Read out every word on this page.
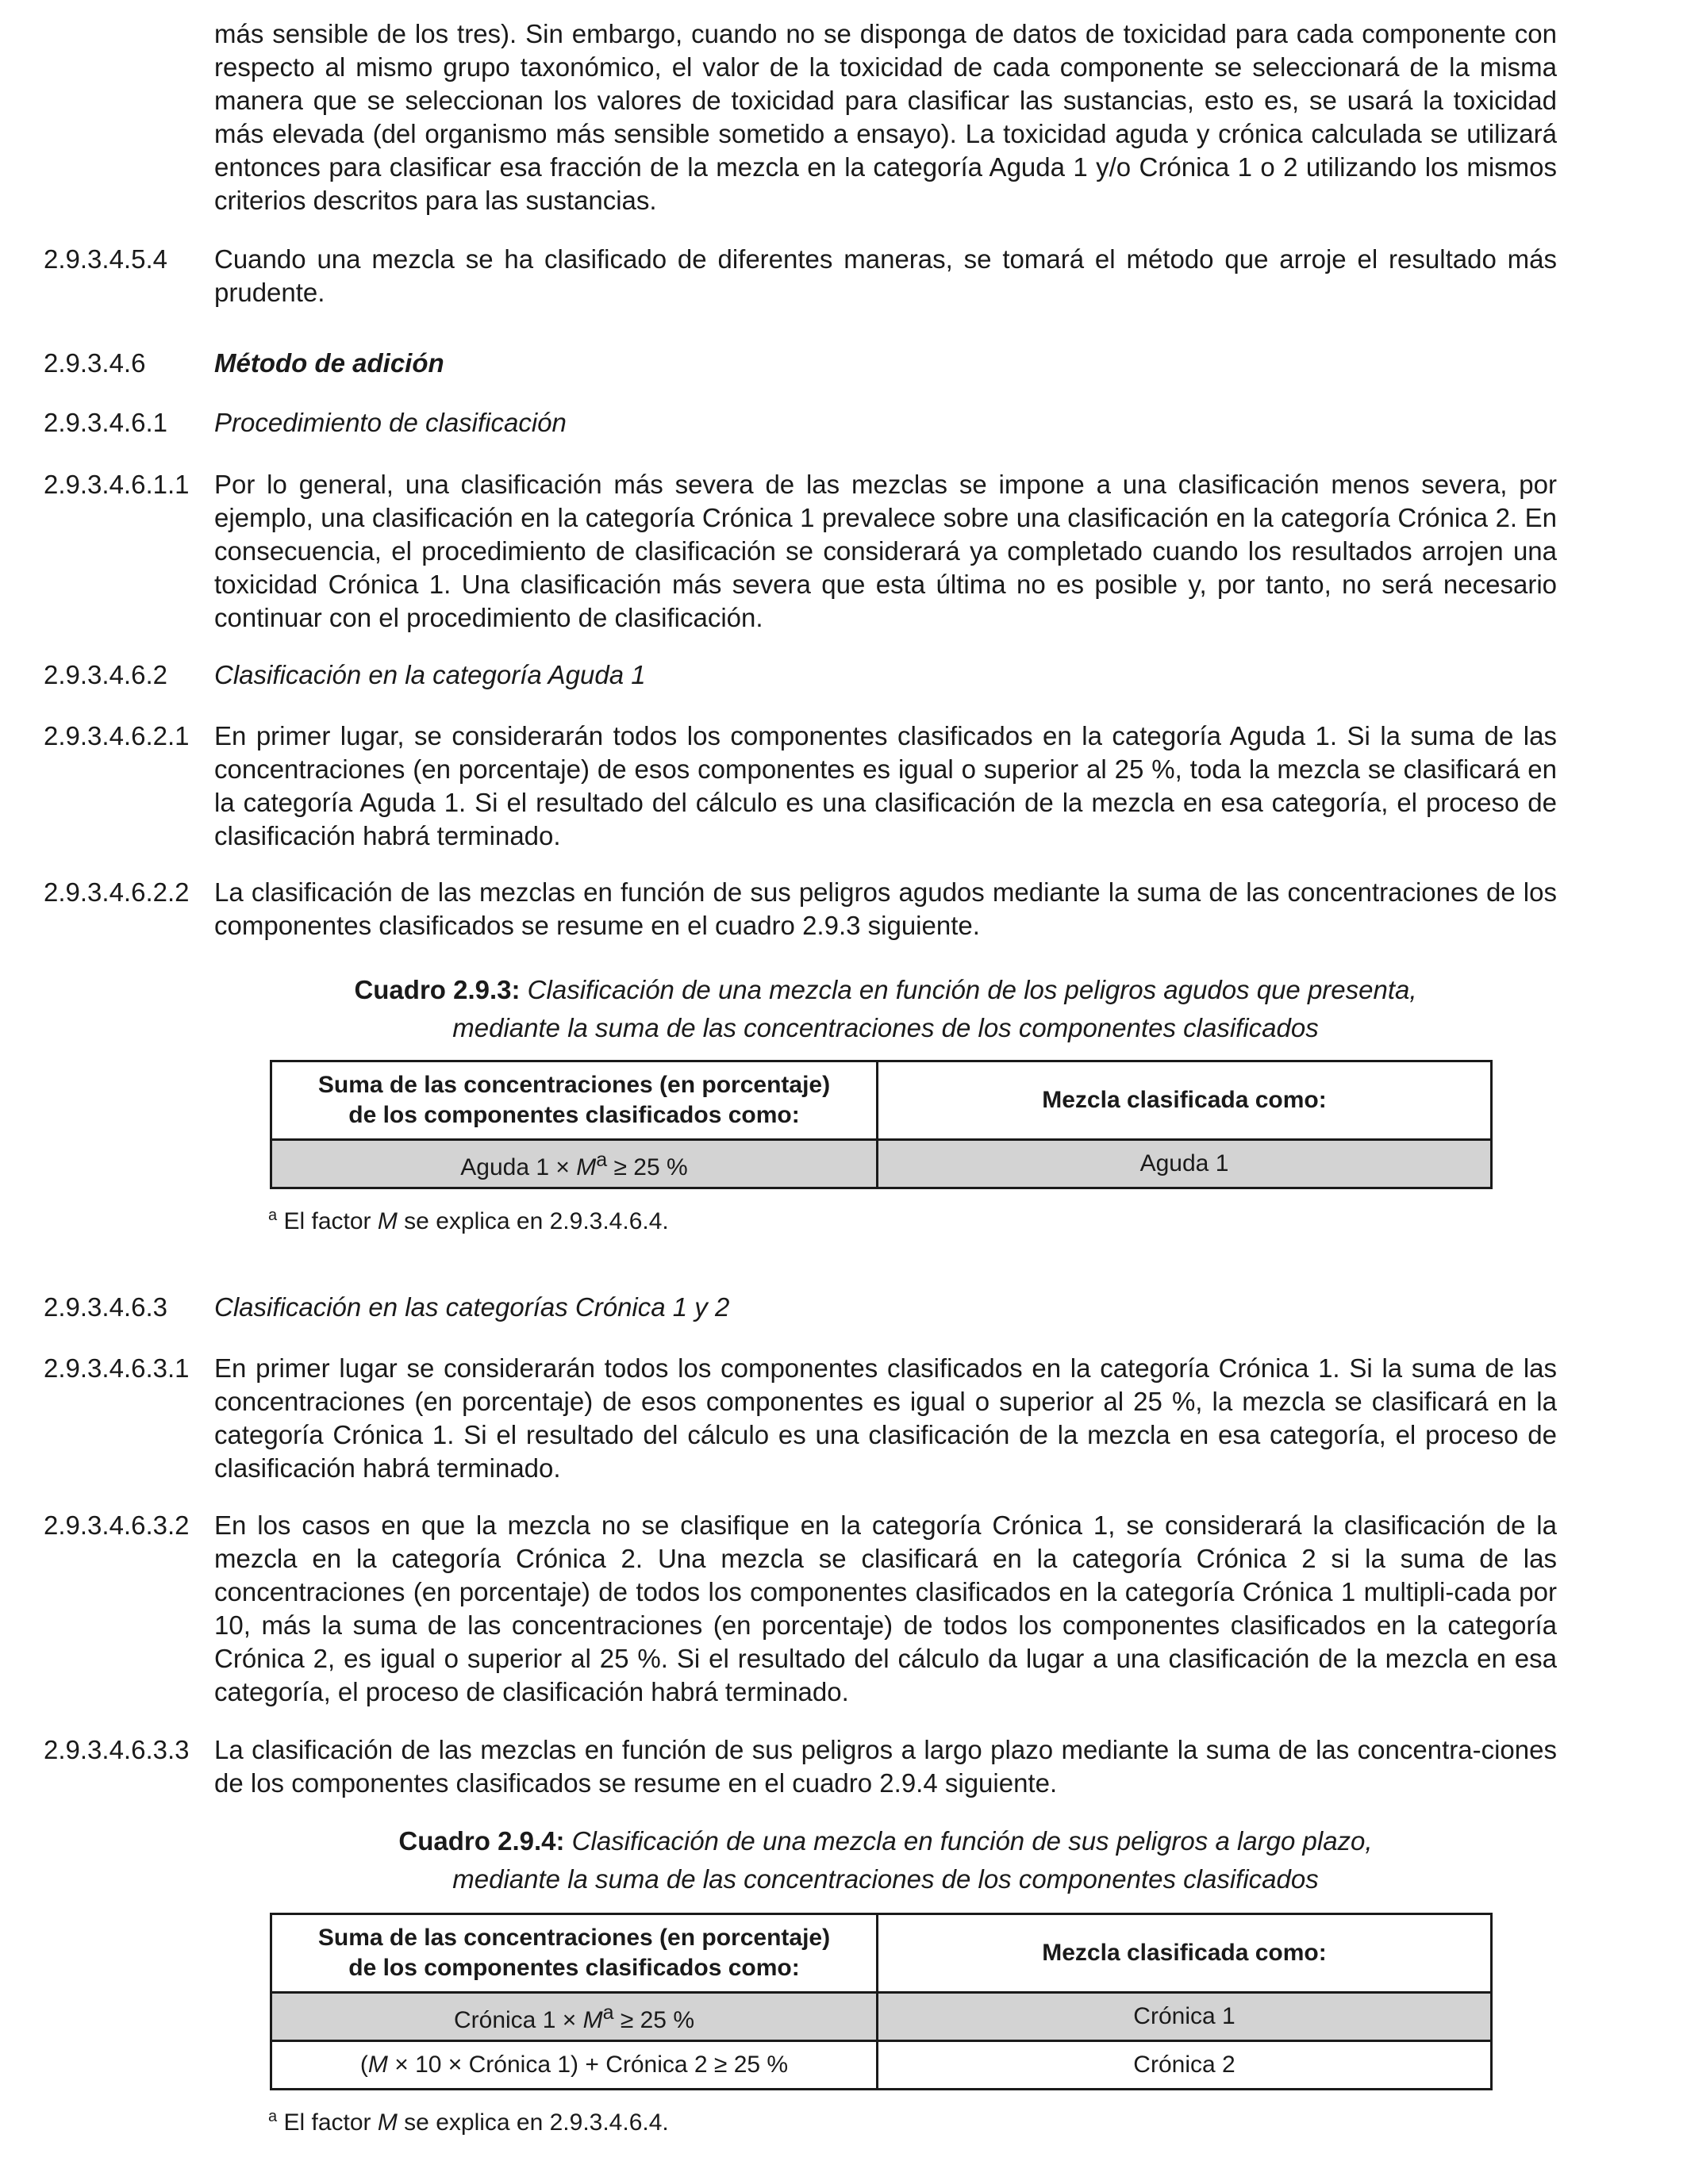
más sensible de los tres). Sin embargo, cuando no se disponga de datos de toxicidad para cada componente con respecto al mismo grupo taxonómico, el valor de la toxicidad de cada componente se seleccionará de la misma manera que se seleccionan los valores de toxicidad para clasificar las sustancias, esto es, se usará la toxicidad más elevada (del organismo más sensible sometido a ensayo). La toxicidad aguda y crónica calculada se utilizará entonces para clasificar esa fracción de la mezcla en la categoría Aguda 1 y/o Crónica 1 o 2 utilizando los mismos criterios descritos para las sustancias.
2.9.3.4.5.4 Cuando una mezcla se ha clasificado de diferentes maneras, se tomará el método que arroje el resultado más prudente.
2.9.3.4.6	Método de adición
2.9.3.4.6.1 Procedimiento de clasificación
2.9.3.4.6.1.1 Por lo general, una clasificación más severa de las mezclas se impone a una clasificación menos severa, por ejemplo, una clasificación en la categoría Crónica 1 prevalece sobre una clasificación en la categoría Crónica 2. En consecuencia, el procedimiento de clasificación se considerará ya completado cuando los resultados arrojen una toxicidad Crónica 1. Una clasificación más severa que esta última no es posible y, por tanto, no será necesario continuar con el procedimiento de clasificación.
2.9.3.4.6.2 Clasificación en la categoría Aguda 1
2.9.3.4.6.2.1 En primer lugar, se considerarán todos los componentes clasificados en la categoría Aguda 1. Si la suma de las concentraciones (en porcentaje) de esos componentes es igual o superior al 25 %, toda la mezcla se clasificará en la categoría Aguda 1. Si el resultado del cálculo es una clasificación de la mezcla en esa categoría, el proceso de clasificación habrá terminado.
2.9.3.4.6.2.2 La clasificación de las mezclas en función de sus peligros agudos mediante la suma de las concentraciones de los componentes clasificados se resume en el cuadro 2.9.3 siguiente.
Cuadro 2.9.3: Clasificación de una mezcla en función de los peligros agudos que presenta,
mediante la suma de las concentraciones de los componentes clasificados
Suma de las concentraciones (en porcentaje)
de los componentes clasificados como:	Mezcla clasificada como:
Aguda $1 \times M^a \ge 25$ %	Aguda 1
$^a$ El factor M se explica en 2.9.3.4.6.4.
2.9.3.4.6.3 Clasificación en las categorías Crónica 1 y 2
2.9.3.4.6.3.1 En primer lugar se considerarán todos los componentes clasificados en la categoría Crónica 1. Si la suma de las concentraciones (en porcentaje) de esos componentes es igual o superior al 25 %, la mezcla se clasificará en la categoría Crónica 1. Si el resultado del cálculo es una clasificación de la mezcla en esa categoría, el proceso de clasificación habrá terminado.
2.9.3.4.6.3.2 En los casos en que la mezcla no se clasifique en la categoría Crónica 1, se considerará la clasificación de la mezcla en la categoría Crónica 2. Una mezcla se clasificará en la categoría Crónica 2 si la suma de las concentraciones (en porcentaje) de todos los componentes clasificados en la categoría Crónica 1 multipli-cada por 10, más la suma de las concentraciones (en porcentaje) de todos los componentes clasificados en la categoría Crónica 2, es igual o superior al 25 %. Si el resultado del cálculo da lugar a una clasificación de la mezcla en esa categoría, el proceso de clasificación habrá terminado.
2.9.3.4.6.3.3 La clasificación de las mezclas en función de sus peligros a largo plazo mediante la suma de las concentra-ciones de los componentes clasificados se resume en el cuadro 2.9.4 siguiente.
Cuadro 2.9.4: Clasificación de una mezcla en función de sus peligros a largo plazo,
mediante la suma de las concentraciones de los componentes clasificados
Suma de las concentraciones (en porcentaje)
de los componentes clasificados como:	Mezcla clasificada como:
Crónica $1 \times M^a \ge 25$ %	Crónica 1
(M × 10 × Crónica 1) + Crónica 2 ≥ 25 %	Crónica 2
$^a$ El factor M se explica en 2.9.3.4.6.4.
